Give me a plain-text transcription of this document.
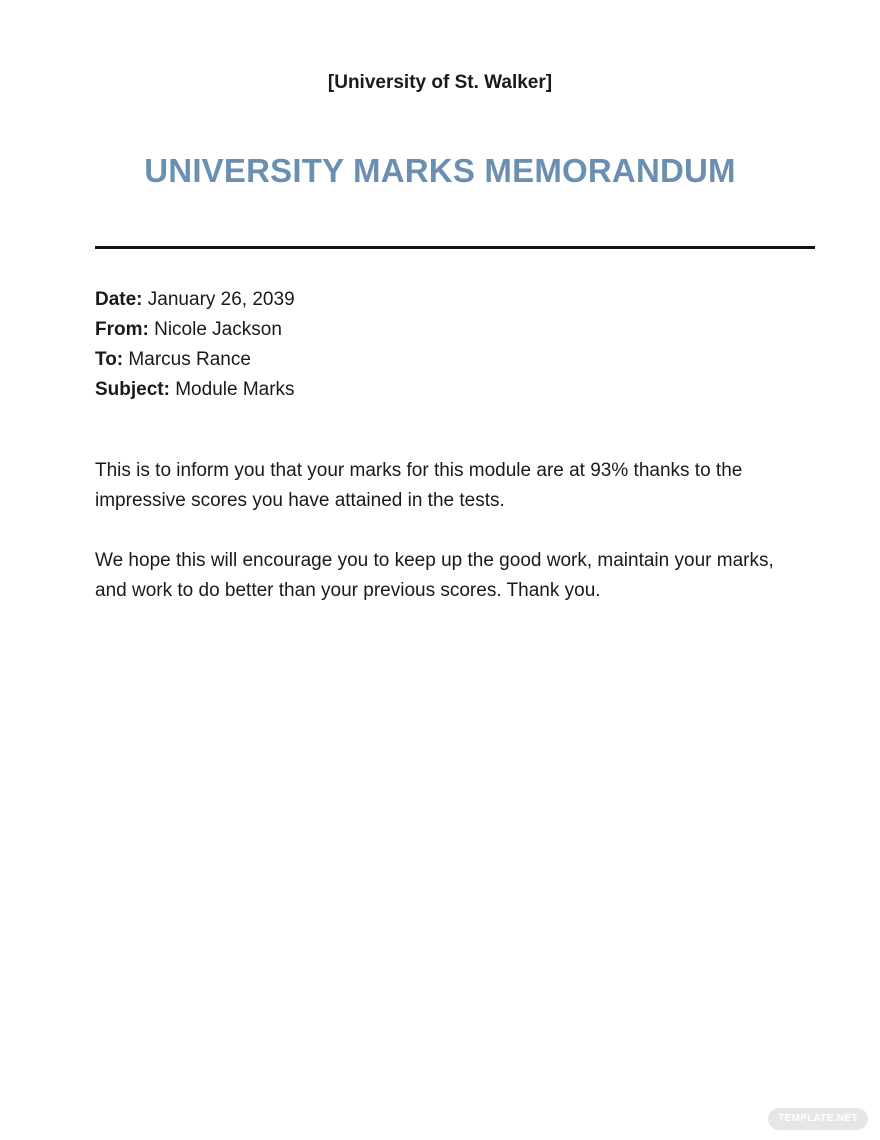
[University of St. Walker]
UNIVERSITY MARKS MEMORANDUM
Date: January 26, 2039
From: Nicole Jackson
To: Marcus Rance
Subject: Module Marks

This is to inform you that your marks for this module are at 93% thanks to the impressive scores you have attained in the tests.

We hope this will encourage you to keep up the good work, maintain your marks, and work to do better than your previous scores. Thank you.

TEMPLATE.NET
